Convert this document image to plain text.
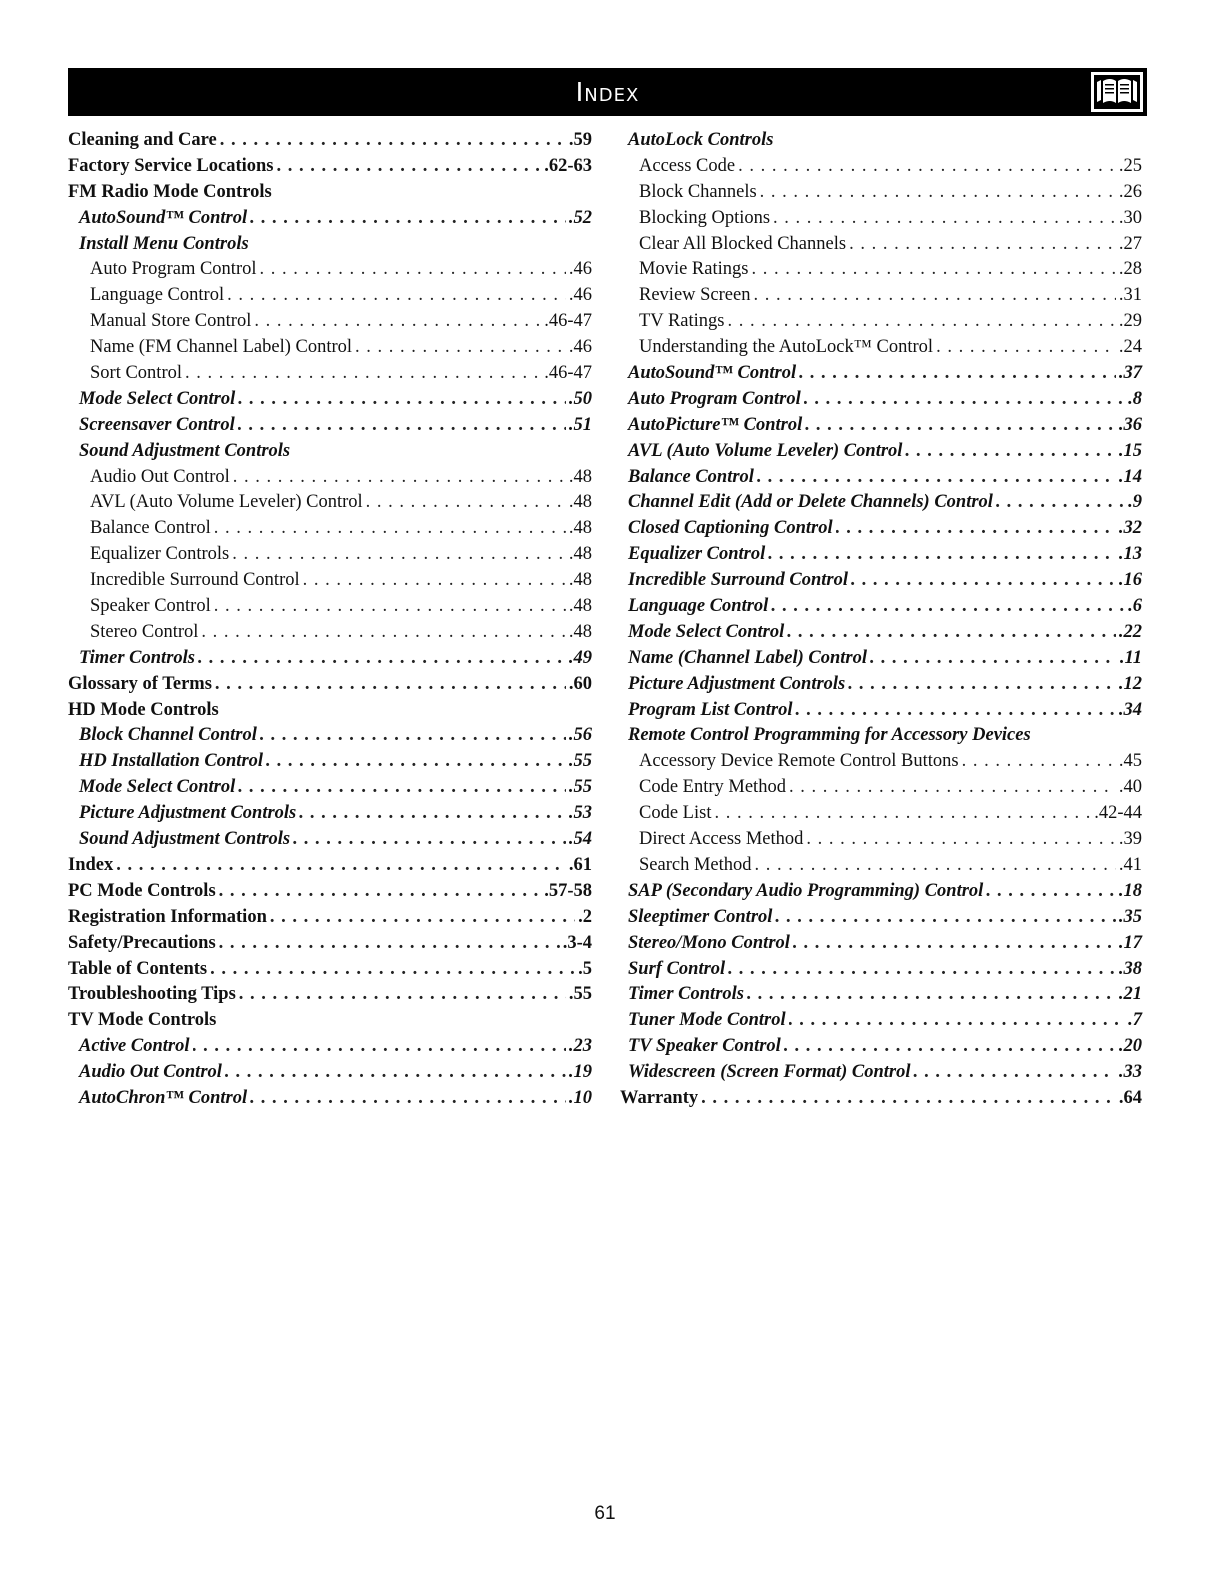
Index
Cleaning and Care . . .	.59
Factory Service Locations . . .	.62-63
FM Radio Mode Controls
AutoSound™ Control . . .	.52
Install Menu Controls
Auto Program Control . . .	.46
Language Control . . .	.46
Manual Store Control . . .	.46-47
Name (FM Channel Label) Control . . .	.46
Sort Control . . .	.46-47
Mode Select Control . . .	.50
Screensaver Control . . .	.51
Sound Adjustment Controls
Audio Out Control . . .	.48
AVL (Auto Volume Leveler) Control . . .	.48
Balance Control . . .	.48
Equalizer Controls . . .	.48
Incredible Surround Control . . .	.48
Speaker Control . . .	.48
Stereo Control . . .	.48
Timer Controls . . .	.49
Glossary of Terms . . .	.60
HD Mode Controls
Block Channel Control . . .	.56
HD Installation Control . . .	.55
Mode Select Control . . .	.55
Picture Adjustment Controls . . .	.53
Sound Adjustment Controls . . .	.54
Index . . .	.61
PC Mode Controls . . .	.57-58
Registration Information . . .	.2
Safety/Precautions . . .	.3-4
Table of Contents . . .	.5
Troubleshooting Tips . . .	.55
TV Mode Controls
Active Control . . .	.23
Audio Out Control . . .	.19
AutoChron™ Control . . .	.10
AutoLock Controls
Access Code . . .	.25
Block Channels . . .	.26
Blocking Options . . .	.30
Clear All Blocked Channels . . .	.27
Movie Ratings . . .	.28
Review Screen . . .	.31
TV Ratings . . .	.29
Understanding the AutoLock™ Control . . .	.24
AutoSound™ Control . . .	.37
Auto Program Control . . .	.8
AutoPicture™ Control . . .	.36
AVL (Auto Volume Leveler) Control . . .	.15
Balance Control . . .	.14
Channel Edit (Add or Delete Channels) Control . . .	.9
Closed Captioning Control . . .	.32
Equalizer Control . . .	.13
Incredible Surround Control . . .	.16
Language Control . . .	.6
Mode Select Control . . .	.22
Name (Channel Label) Control . . .	.11
Picture Adjustment Controls . . .	.12
Program List Control . . .	.34
Remote Control Programming for Accessory Devices
Accessory Device Remote Control Buttons . . .	.45
Code Entry Method . . .	.40
Code List . . .	.42-44
Direct Access Method . . .	.39
Search Method . . .	.41
SAP (Secondary Audio Programming) Control . . .	.18
Sleeptimer Control . . .	.35
Stereo/Mono Control . . .	.17
Surf Control . . .	.38
Timer Controls . . .	.21
Tuner Mode Control . . .	.7
TV Speaker Control . . .	.20
Widescreen (Screen Format) Control . . .	.33
Warranty . . .	.64
61
